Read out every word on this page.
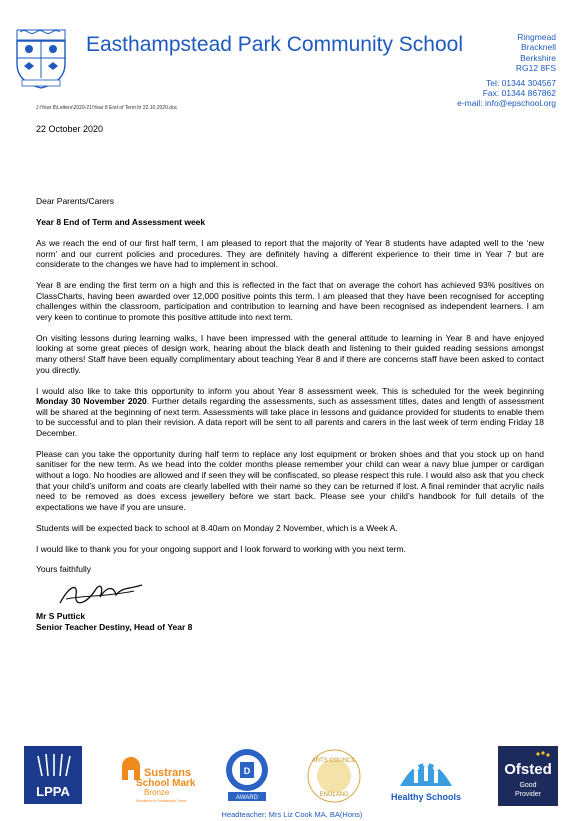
Easthampstead Park Community School	Ringmead
Bracknell
Berkshire
RG12 8FS
Tel: 01344 304567
Fax: 01344 867862
e-mail: info@epschool.org
J:\Year 8\Letters\2020-21\Year 8 End of Term ltr 22.10.2020.doc
22 October 2020

Dear Parents/Carers

Year 8 End of Term and Assessment week

As we reach the end of our first half term, I am pleased to report that the majority of Year 8 students have adapted well to the ‘new norm’ and our current policies and procedures. They are definitely having a different experience to their time in Year 7 but are considerate to the changes we have had to implement in school.

Year 8 are ending the first term on a high and this is reflected in the fact that on average the cohort has achieved 93% positives on ClassCharts, having been awarded over 12,000 positive points this term. I am pleased that they have been recognised for accepting challenges within the classroom, participation and contribution to learning and have been recognised as independent learners. I am very keen to continue to promote this positive attitude into next term.

On visiting lessons during learning walks, I have been impressed with the general attitude to learning in Year 8 and have enjoyed looking at some great pieces of design work, hearing about the black death and listening to their guided reading sessions amongst many others! Staff have been equally complimentary about teaching Year 8 and if there are concerns staff have been asked to contact you directly.

I would also like to take this opportunity to inform you about Year 8 assessment week. This is scheduled for the week beginning Monday 30 November 2020. Further details regarding the assessments, such as assessment titles, dates and length of assessment will be shared at the beginning of next term. Assessments will take place in lessons and guidance provided for students to enable them to be successful and to plan their revision. A data report will be sent to all parents and carers in the last week of term ending Friday 18 December.

Please can you take the opportunity during half term to replace any lost equipment or broken shoes and that you stock up on hand sanitiser for the new term. As we head into the colder months please remember your child can wear a navy blue jumper or cardigan without a logo. No hoodies are allowed and if seen they will be confiscated, so please respect this rule. I would also ask that you check that your child’s uniform and coats are clearly labelled with their name so they can be returned if lost. A final reminder that acrylic nails need to be removed as does excess jewellery before we start back. Please see your child’s handbook for full details of the expectations we have if you are unsure.

Students will be expected back to school at 8.40am on Monday 2 November, which is a Week A.

I would like to thank you for your ongoing support and I look forward to working with you next term.

Yours faithfully

Mr S Puttick
Senior Teacher Destiny, Head of Year 8
LPPA
Sustrans
School Mark
Bronze
Excellence in Sustainable Travel
D
AWARD
ARTS COUNCIL
ENGLAND	Healthy Schools
Ofsted
Good
Provider
Headteacher: Mrs Liz Cook MA, BA(Hons)
